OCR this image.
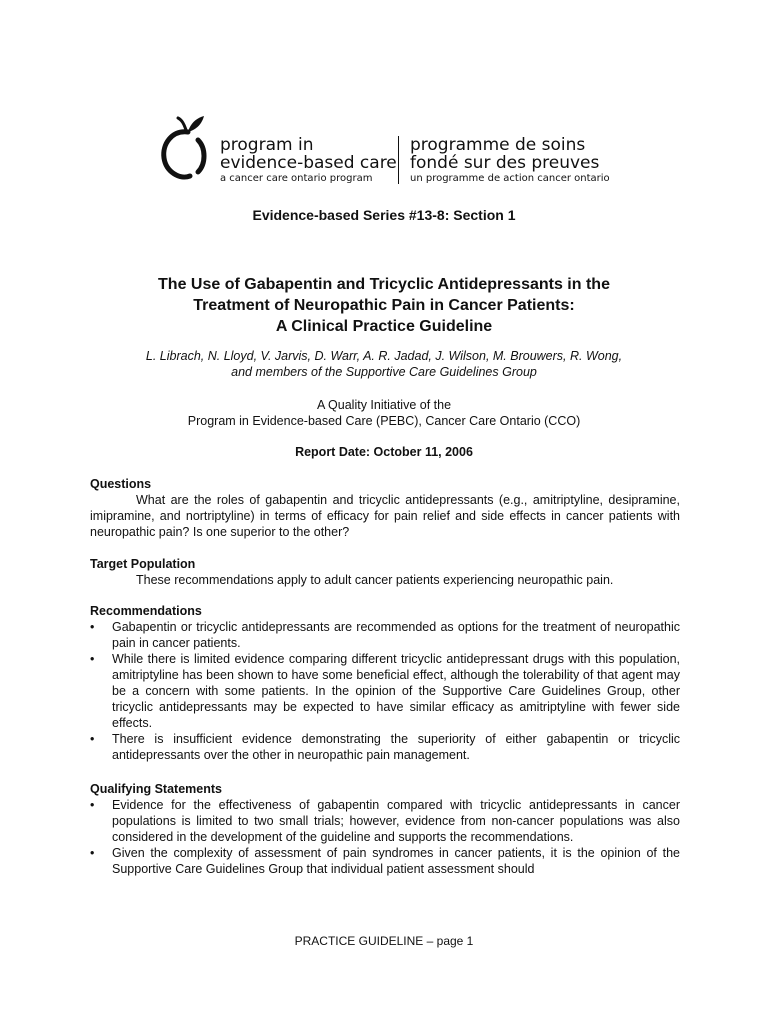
program in
evidence-based care
a cancer care ontario program
programme de soins
fondé sur des preuves
un programme de action cancer ontario
Evidence-based Series #13-8: Section 1
The Use of Gabapentin and Tricyclic Antidepressants in the
Treatment of Neuropathic Pain in Cancer Patients:
A Clinical Practice Guideline
L. Librach, N. Lloyd, V. Jarvis, D. Warr, A. R. Jadad, J. Wilson, M. Brouwers, R. Wong,
and members of the Supportive Care Guidelines Group
A Quality Initiative of the
Program in Evidence-based Care (PEBC), Cancer Care Ontario (CCO)
Report Date: October 11, 2006
Questions

What are the roles of gabapentin and tricyclic antidepressants (e.g., amitriptyline, desipramine, imipramine, and nortriptyline) in terms of efficacy for pain relief and side effects in cancer patients with neuropathic pain? Is one superior to the other?

Target Population

These recommendations apply to adult cancer patients experiencing neuropathic pain.

Recommendations
•	Gabapentin or tricyclic antidepressants are recommended as options for the treatment of neuropathic pain in cancer patients.
•	While there is limited evidence comparing different tricyclic antidepressant drugs with this population, amitriptyline has been shown to have some beneficial effect, although the tolerability of that agent may be a concern with some patients. In the opinion of the Supportive Care Guidelines Group, other tricyclic antidepressants may be expected to have similar efficacy as amitriptyline with fewer side effects.
•	There is insufficient evidence demonstrating the superiority of either gabapentin or tricyclic antidepressants over the other in neuropathic pain management.
Qualifying Statements
•	Evidence for the effectiveness of gabapentin compared with tricyclic antidepressants in cancer populations is limited to two small trials; however, evidence from non-cancer populations was also considered in the development of the guideline and supports the recommendations.
•	Given the complexity of assessment of pain syndromes in cancer patients, it is the opinion of the Supportive Care Guidelines Group that individual patient assessment should
PRACTICE GUIDELINE – page 1
